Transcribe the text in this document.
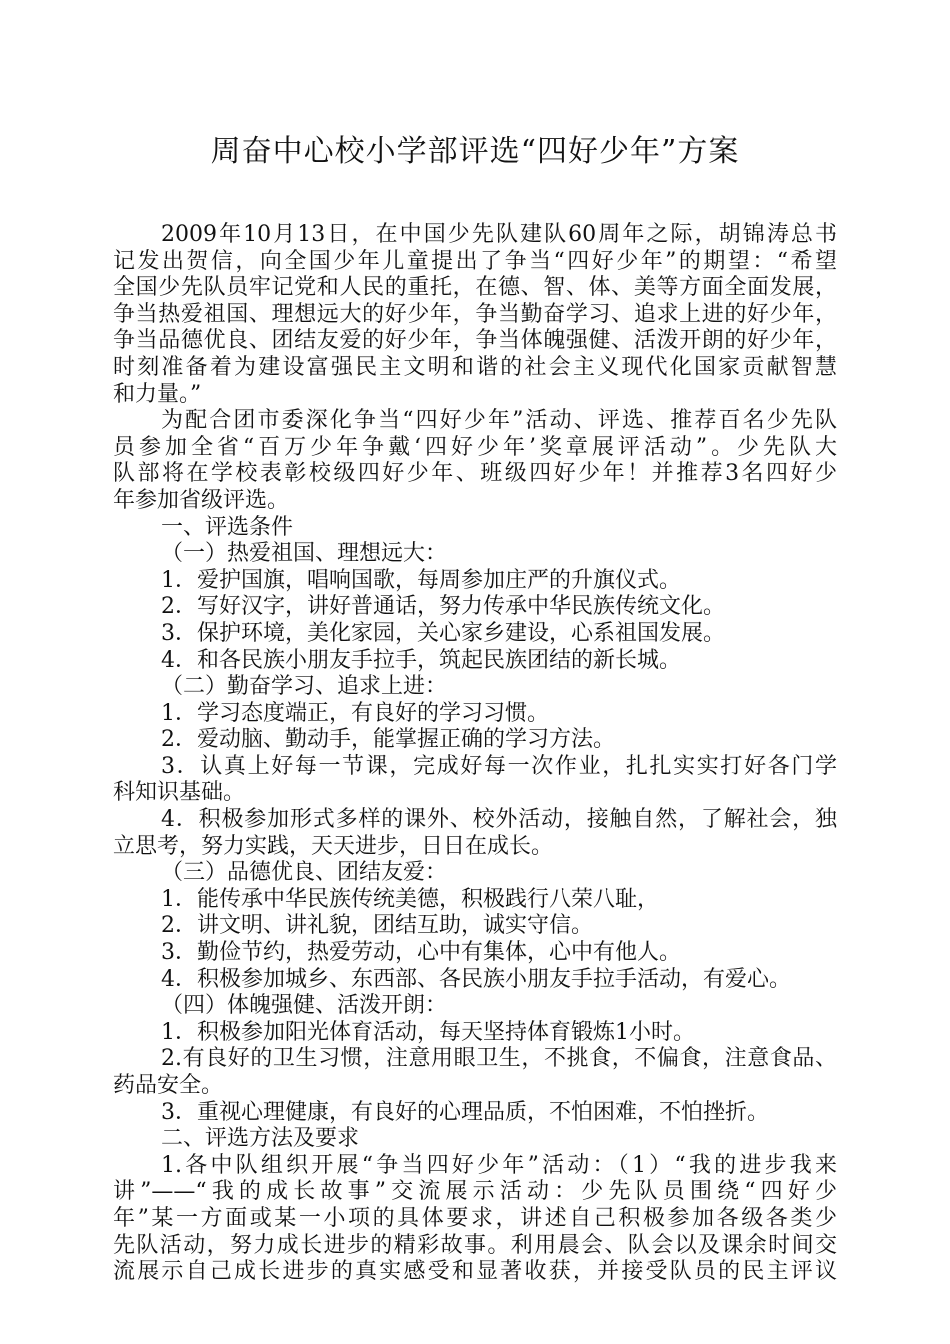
周奋中心校小学部评选“四好少年”方案
2009年10月13日，在中国少先队建队60周年之际，胡锦涛总书
记发出贺信，向全国少年儿童提出了争当“四好少年”的期望：“希望
全国少先队员牢记党和人民的重托，在德、智、体、美等方面全面发展，
争当热爱祖国、理想远大的好少年，争当勤奋学习、追求上进的好少年，
争当品德优良、团结友爱的好少年，争当体魄强健、活泼开朗的好少年，
时刻准备着为建设富强民主文明和谐的社会主义现代化国家贡献智慧
和力量。”
为配合团市委深化争当“四好少年”活动、评选、推荐百名少先队
员参加全省“百万少年争戴‘四好少年’奖章展评活动”。少先队大
队部将在学校表彰校级四好少年、班级四好少年！并推荐3名四好少
年参加省级评选。
一、评选条件
（一）热爱祖国、理想远大：
1．爱护国旗，唱响国歌，每周参加庄严的升旗仪式。
2．写好汉字，讲好普通话，努力传承中华民族传统文化。
3．保护环境，美化家园，关心家乡建设，心系祖国发展。
4．和各民族小朋友手拉手，筑起民族团结的新长城。
（二）勤奋学习、追求上进：
1．学习态度端正，有良好的学习习惯。
2．爱动脑、勤动手，能掌握正确的学习方法。
3．认真上好每一节课，完成好每一次作业，扎扎实实打好各门学
科知识基础。
4．积极参加形式多样的课外、校外活动，接触自然，了解社会，独
立思考，努力实践，天天进步，日日在成长。
（三）品德优良、团结友爱：
1．能传承中华民族传统美德，积极践行八荣八耻，
2．讲文明、讲礼貌，团结互助，诚实守信。
3．勤俭节约，热爱劳动，心中有集体，心中有他人。
4．积极参加城乡、东西部、各民族小朋友手拉手活动，有爱心。
（四）体魄强健、活泼开朗：
1．积极参加阳光体育活动，每天坚持体育锻炼1小时。
2.有良好的卫生习惯，注意用眼卫生，不挑食，不偏食，注意食品、
药品安全。
3．重视心理健康，有良好的心理品质，不怕困难，不怕挫折。
二、评选方法及要求
1.各中队组织开展“争当四好少年”活动：（1）“我的进步我来
讲”——“我的成长故事”交流展示活动：少先队员围绕“四好少
年”某一方面或某一小项的具体要求，讲述自己积极参加各级各类少
先队活动，努力成长进步的精彩故事。利用晨会、队会以及课余时间交
流展示自己成长进步的真实感受和显著收获，并接受队员的民主评议
